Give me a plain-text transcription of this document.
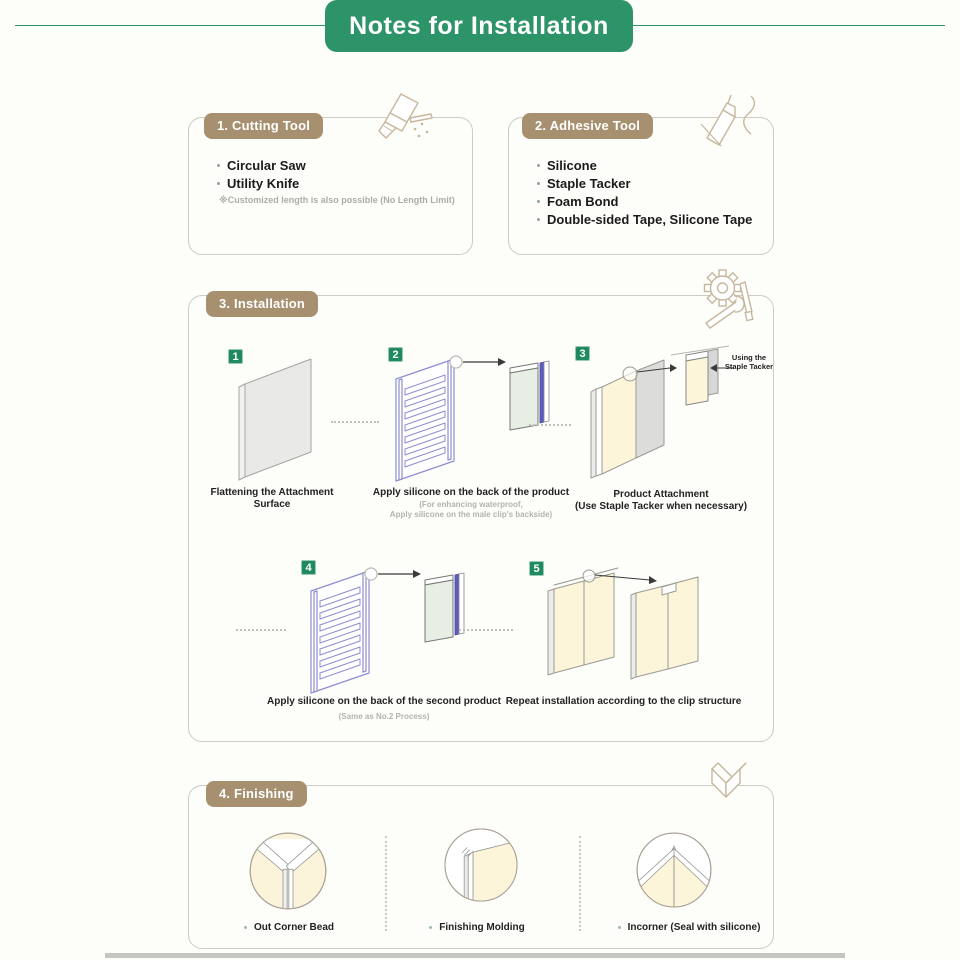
Notes for Installation
1. Cutting Tool
Circular Saw
Utility Knife
※Customized length is also possible (No Length Limit)
2. Adhesive Tool
Silicone
Staple Tacker
Foam Bond
Double-sided Tape, Silicone Tape
3. Installation
1	2	3
4	5
Using the
Staple Tacker
Flattening the Attachment Surface
Apply silicone on the back of the product
(For enhancing waterproof,
Apply silicone on the male clip's backside)
Product Attachment
(Use Staple Tacker when necessary)
Apply silicone on the back of the second product
(Same as No.2 Process)
Repeat installation according to the clip structure
4. Finishing
Out Corner Bead	Finishing Molding	Incorner (Seal with silicone)
